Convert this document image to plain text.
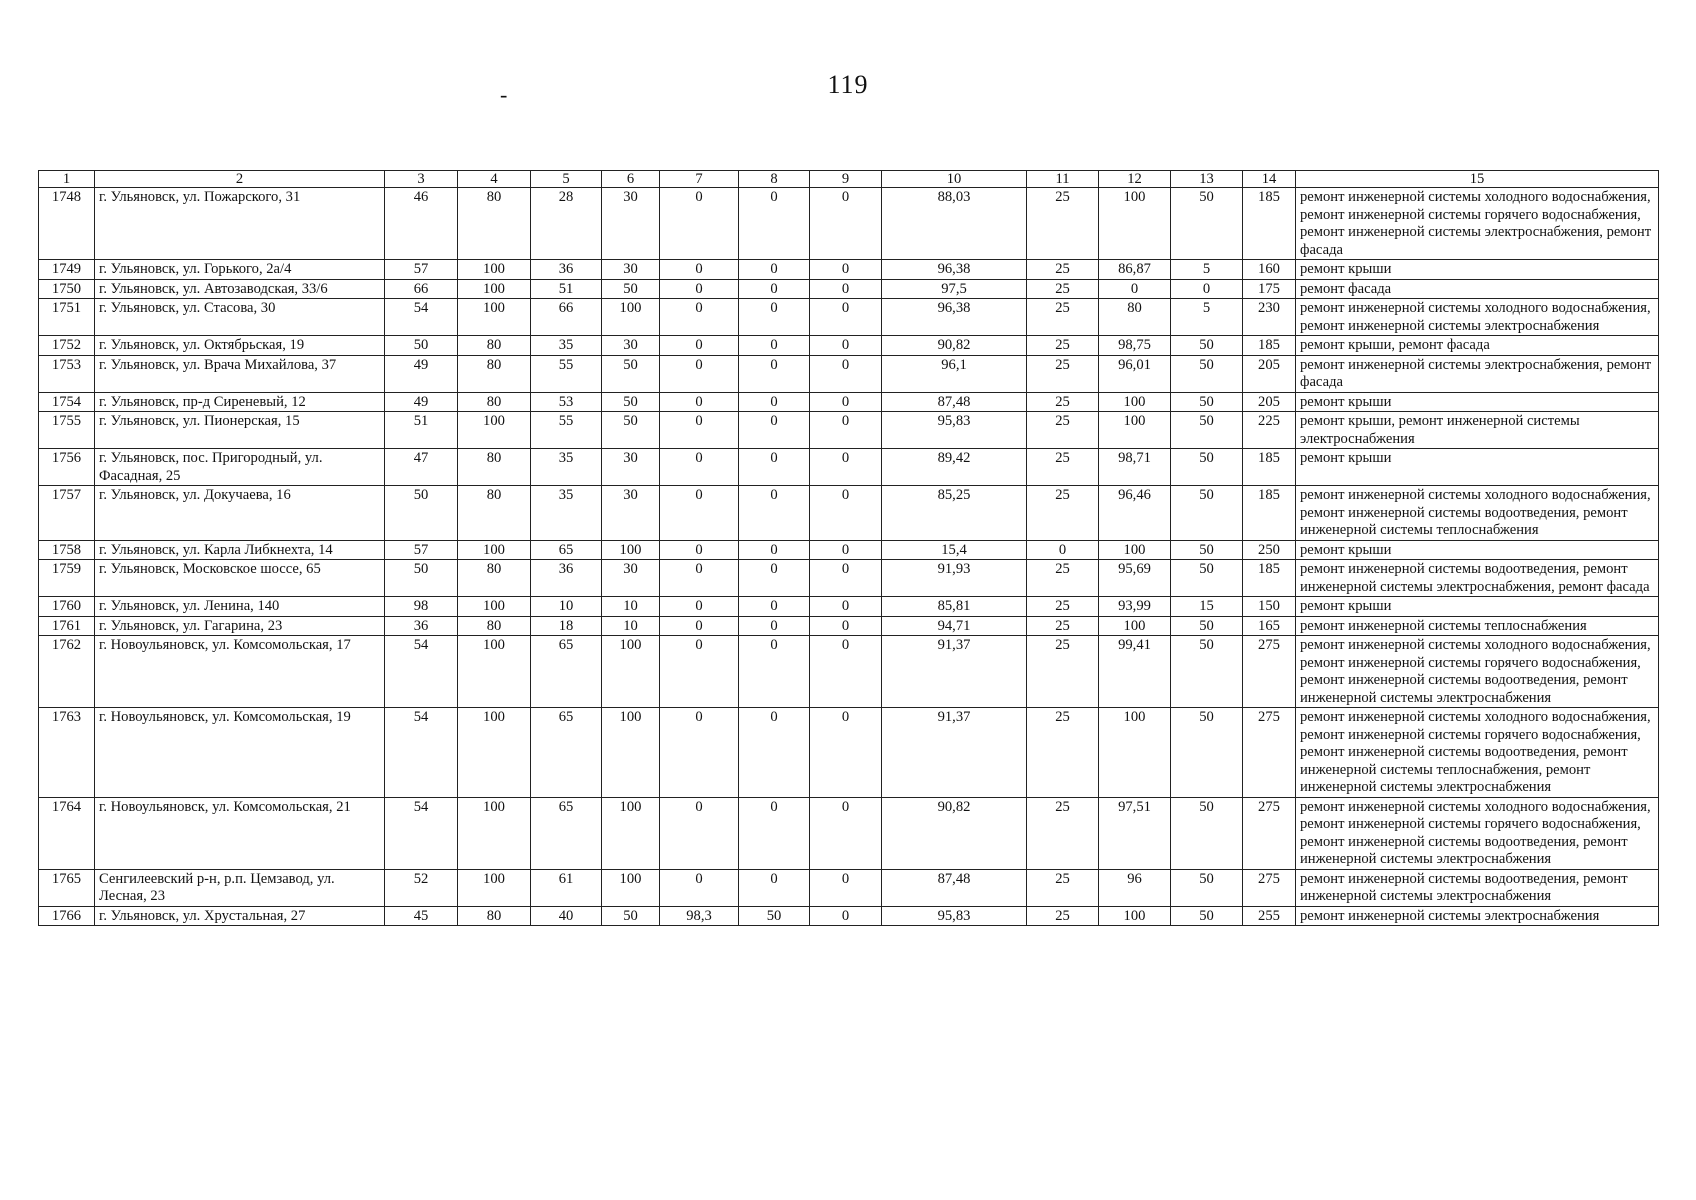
119
-
1	2	3	4	5	6	7	8	9	10	11	12	13	14	15
1748	г. Ульяновск, ул. Пожарского, 31	46	80	28	30	0	0	0	88,03	25	100	50	185	ремонт инженерной системы холодного водоснабжения, ремонт инженерной системы горячего водоснабжения, ремонт инженерной системы электроснабжения, ремонт фасада
1749	г. Ульяновск, ул. Горького, 2а/4	57	100	36	30	0	0	0	96,38	25	86,87	5	160	ремонт крыши
1750	г. Ульяновск, ул. Автозаводская, 33/6	66	100	51	50	0	0	0	97,5	25	0	0	175	ремонт фасада
1751	г. Ульяновск, ул. Стасова, 30	54	100	66	100	0	0	0	96,38	25	80	5	230	ремонт инженерной системы холодного водоснабжения, ремонт инженерной системы электроснабжения
1752	г. Ульяновск, ул. Октябрьская, 19	50	80	35	30	0	0	0	90,82	25	98,75	50	185	ремонт крыши, ремонт фасада
1753	г. Ульяновск, ул. Врача Михайлова, 37	49	80	55	50	0	0	0	96,1	25	96,01	50	205	ремонт инженерной системы электроснабжения, ремонт фасада
1754	г. Ульяновск, пр-д Сиреневый, 12	49	80	53	50	0	0	0	87,48	25	100	50	205	ремонт крыши
1755	г. Ульяновск, ул. Пионерская, 15	51	100	55	50	0	0	0	95,83	25	100	50	225	ремонт крыши, ремонт инженерной системы электроснабжения
1756	г. Ульяновск, пос. Пригородный, ул. Фасадная, 25	47	80	35	30	0	0	0	89,42	25	98,71	50	185	ремонт крыши
1757	г. Ульяновск, ул. Докучаева, 16	50	80	35	30	0	0	0	85,25	25	96,46	50	185	ремонт инженерной системы холодного водоснабжения, ремонт инженерной системы водоотведения, ремонт инженерной системы теплоснабжения
1758	г. Ульяновск, ул. Карла Либкнехта, 14	57	100	65	100	0	0	0	15,4	0	100	50	250	ремонт крыши
1759	г. Ульяновск, Московское шоссе, 65	50	80	36	30	0	0	0	91,93	25	95,69	50	185	ремонт инженерной системы водоотведения, ремонт инженерной системы электроснабжения, ремонт фасада
1760	г. Ульяновск, ул. Ленина, 140	98	100	10	10	0	0	0	85,81	25	93,99	15	150	ремонт крыши
1761	г. Ульяновск, ул. Гагарина, 23	36	80	18	10	0	0	0	94,71	25	100	50	165	ремонт инженерной системы теплоснабжения
1762	г. Новоульяновск, ул. Комсомольская, 17	54	100	65	100	0	0	0	91,37	25	99,41	50	275	ремонт инженерной системы холодного водоснабжения, ремонт инженерной системы горячего водоснабжения, ремонт инженерной системы водоотведения, ремонт инженерной системы электроснабжения
1763	г. Новоульяновск, ул. Комсомольская, 19	54	100	65	100	0	0	0	91,37	25	100	50	275	ремонт инженерной системы холодного водоснабжения, ремонт инженерной системы горячего водоснабжения, ремонт инженерной системы водоотведения, ремонт инженерной системы теплоснабжения, ремонт инженерной системы электроснабжения
1764	г. Новоульяновск, ул. Комсомольская, 21	54	100	65	100	0	0	0	90,82	25	97,51	50	275	ремонт инженерной системы холодного водоснабжения, ремонт инженерной системы горячего водоснабжения, ремонт инженерной системы водоотведения, ремонт инженерной системы электроснабжения
1765	Сенгилеевский р-н, р.п. Цемзавод, ул. Лесная, 23	52	100	61	100	0	0	0	87,48	25	96	50	275	ремонт инженерной системы водоотведения, ремонт инженерной системы электроснабжения
1766	г. Ульяновск, ул. Хрустальная, 27	45	80	40	50	98,3	50	0	95,83	25	100	50	255	ремонт инженерной системы электроснабжения
